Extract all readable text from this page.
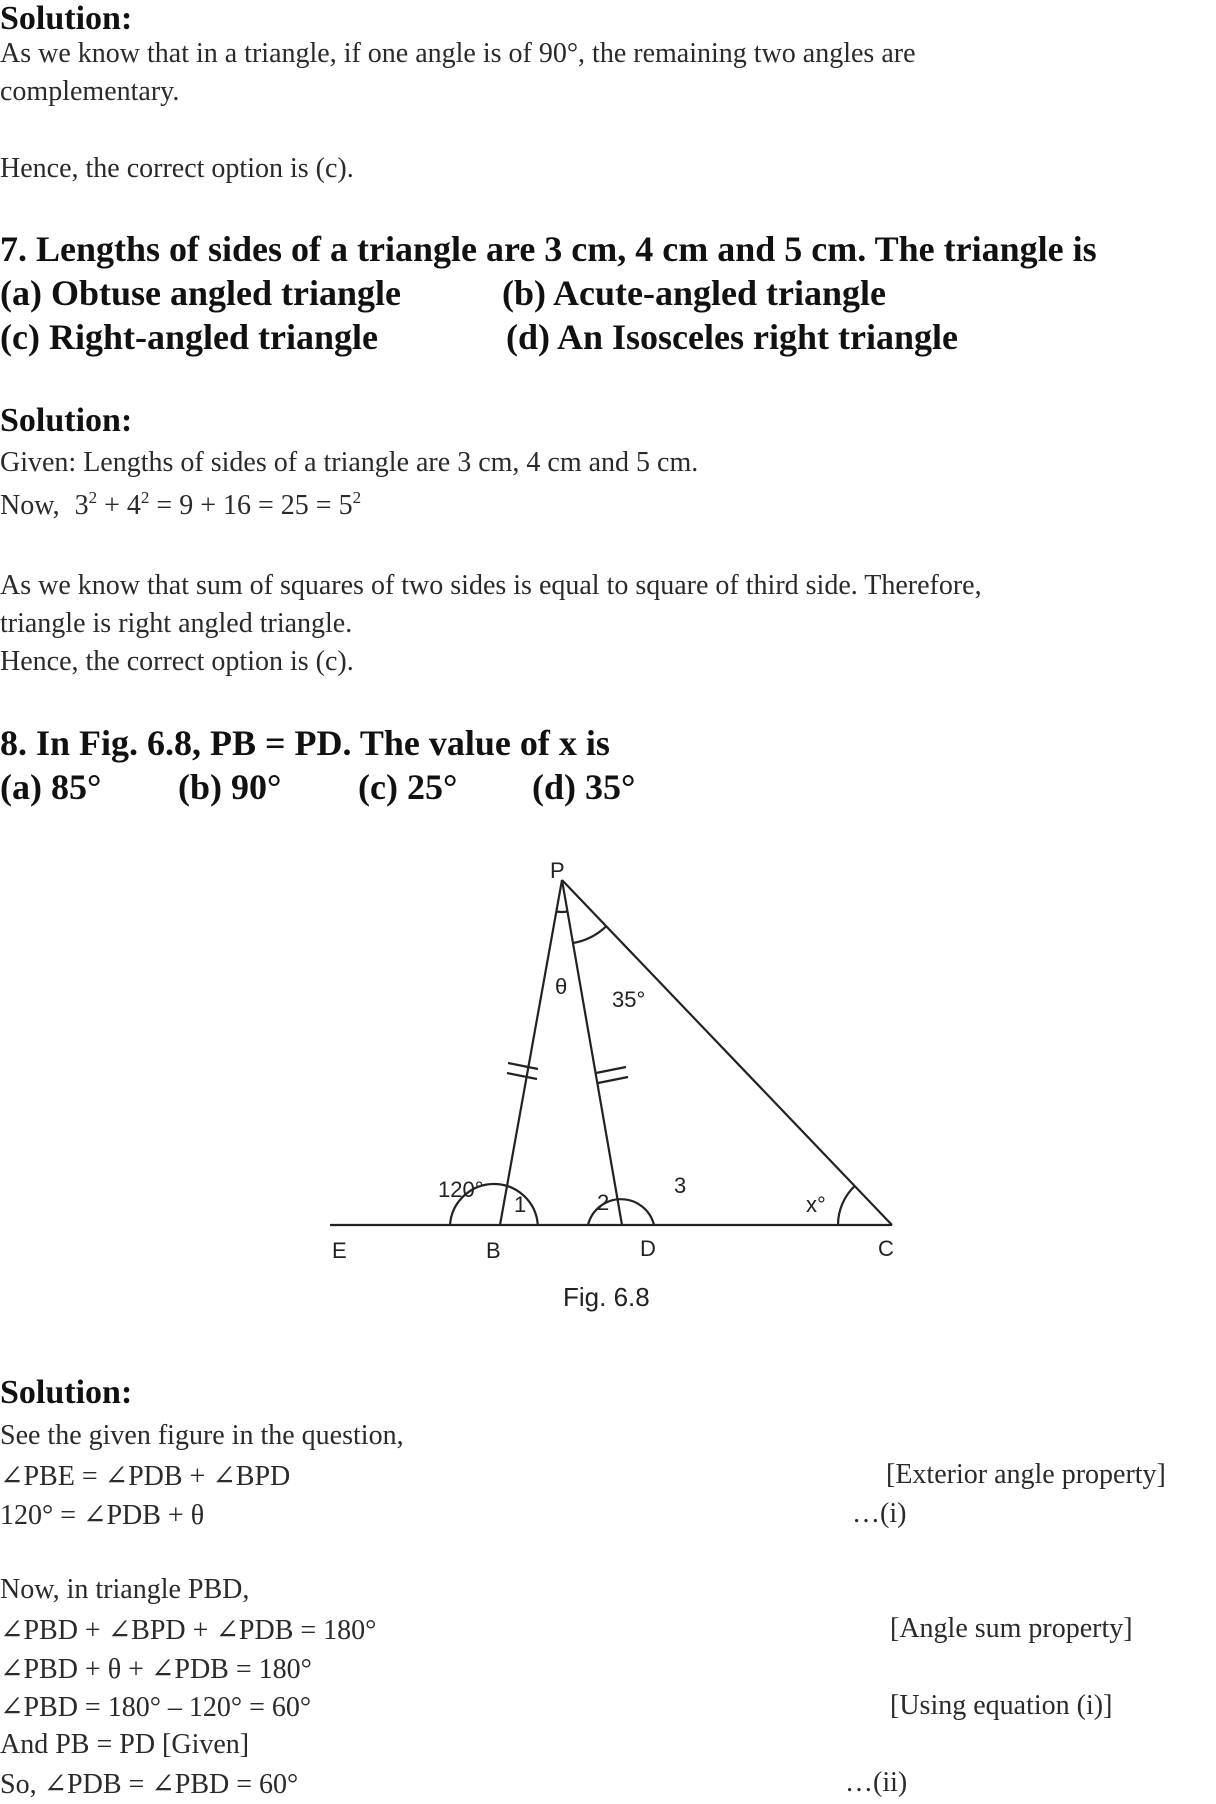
Solution:
As we know that in a triangle, if one angle is of 90°, the remaining two angles are
complementary.
Hence, the correct option is (c).
7. Lengths of sides of a triangle are 3 cm, 4 cm and 5 cm. The triangle is
(a) Obtuse angled triangle	(b) Acute-angled triangle
(c) Right-angled triangle	(d) An Isosceles right triangle
Solution:
Given: Lengths of sides of a triangle are 3 cm, 4 cm and 5 cm.
Now, $3^2 + 4^2 = 9 + 16 = 25 = 5^2$
As we know that sum of squares of two sides is equal to square of third side. Therefore,
triangle is right angled triangle.
Hence, the correct option is (c).
8. In Fig. 6.8, PB = PD. The value of x is
(a) 85° (b) 90° (c) 25° (d) 35°
P
E	B	D	C
θ
35°
120°
1	2
3
x°
Fig. 6.8
Solution:
See the given figure in the question,
∠PBE = ∠PDB + ∠BPD	[Exterior angle property]
120° = ∠PDB + θ	…(i)
Now, in triangle PBD,
∠PBD + ∠BPD + ∠PDB = 180°	[Angle sum property]
∠PBD + θ + ∠PDB = 180°
∠PBD = 180° – 120° = 60°	[Using equation (i)]
And PB = PD [Given]
So, ∠PDB = ∠PBD = 60°	…(ii)
